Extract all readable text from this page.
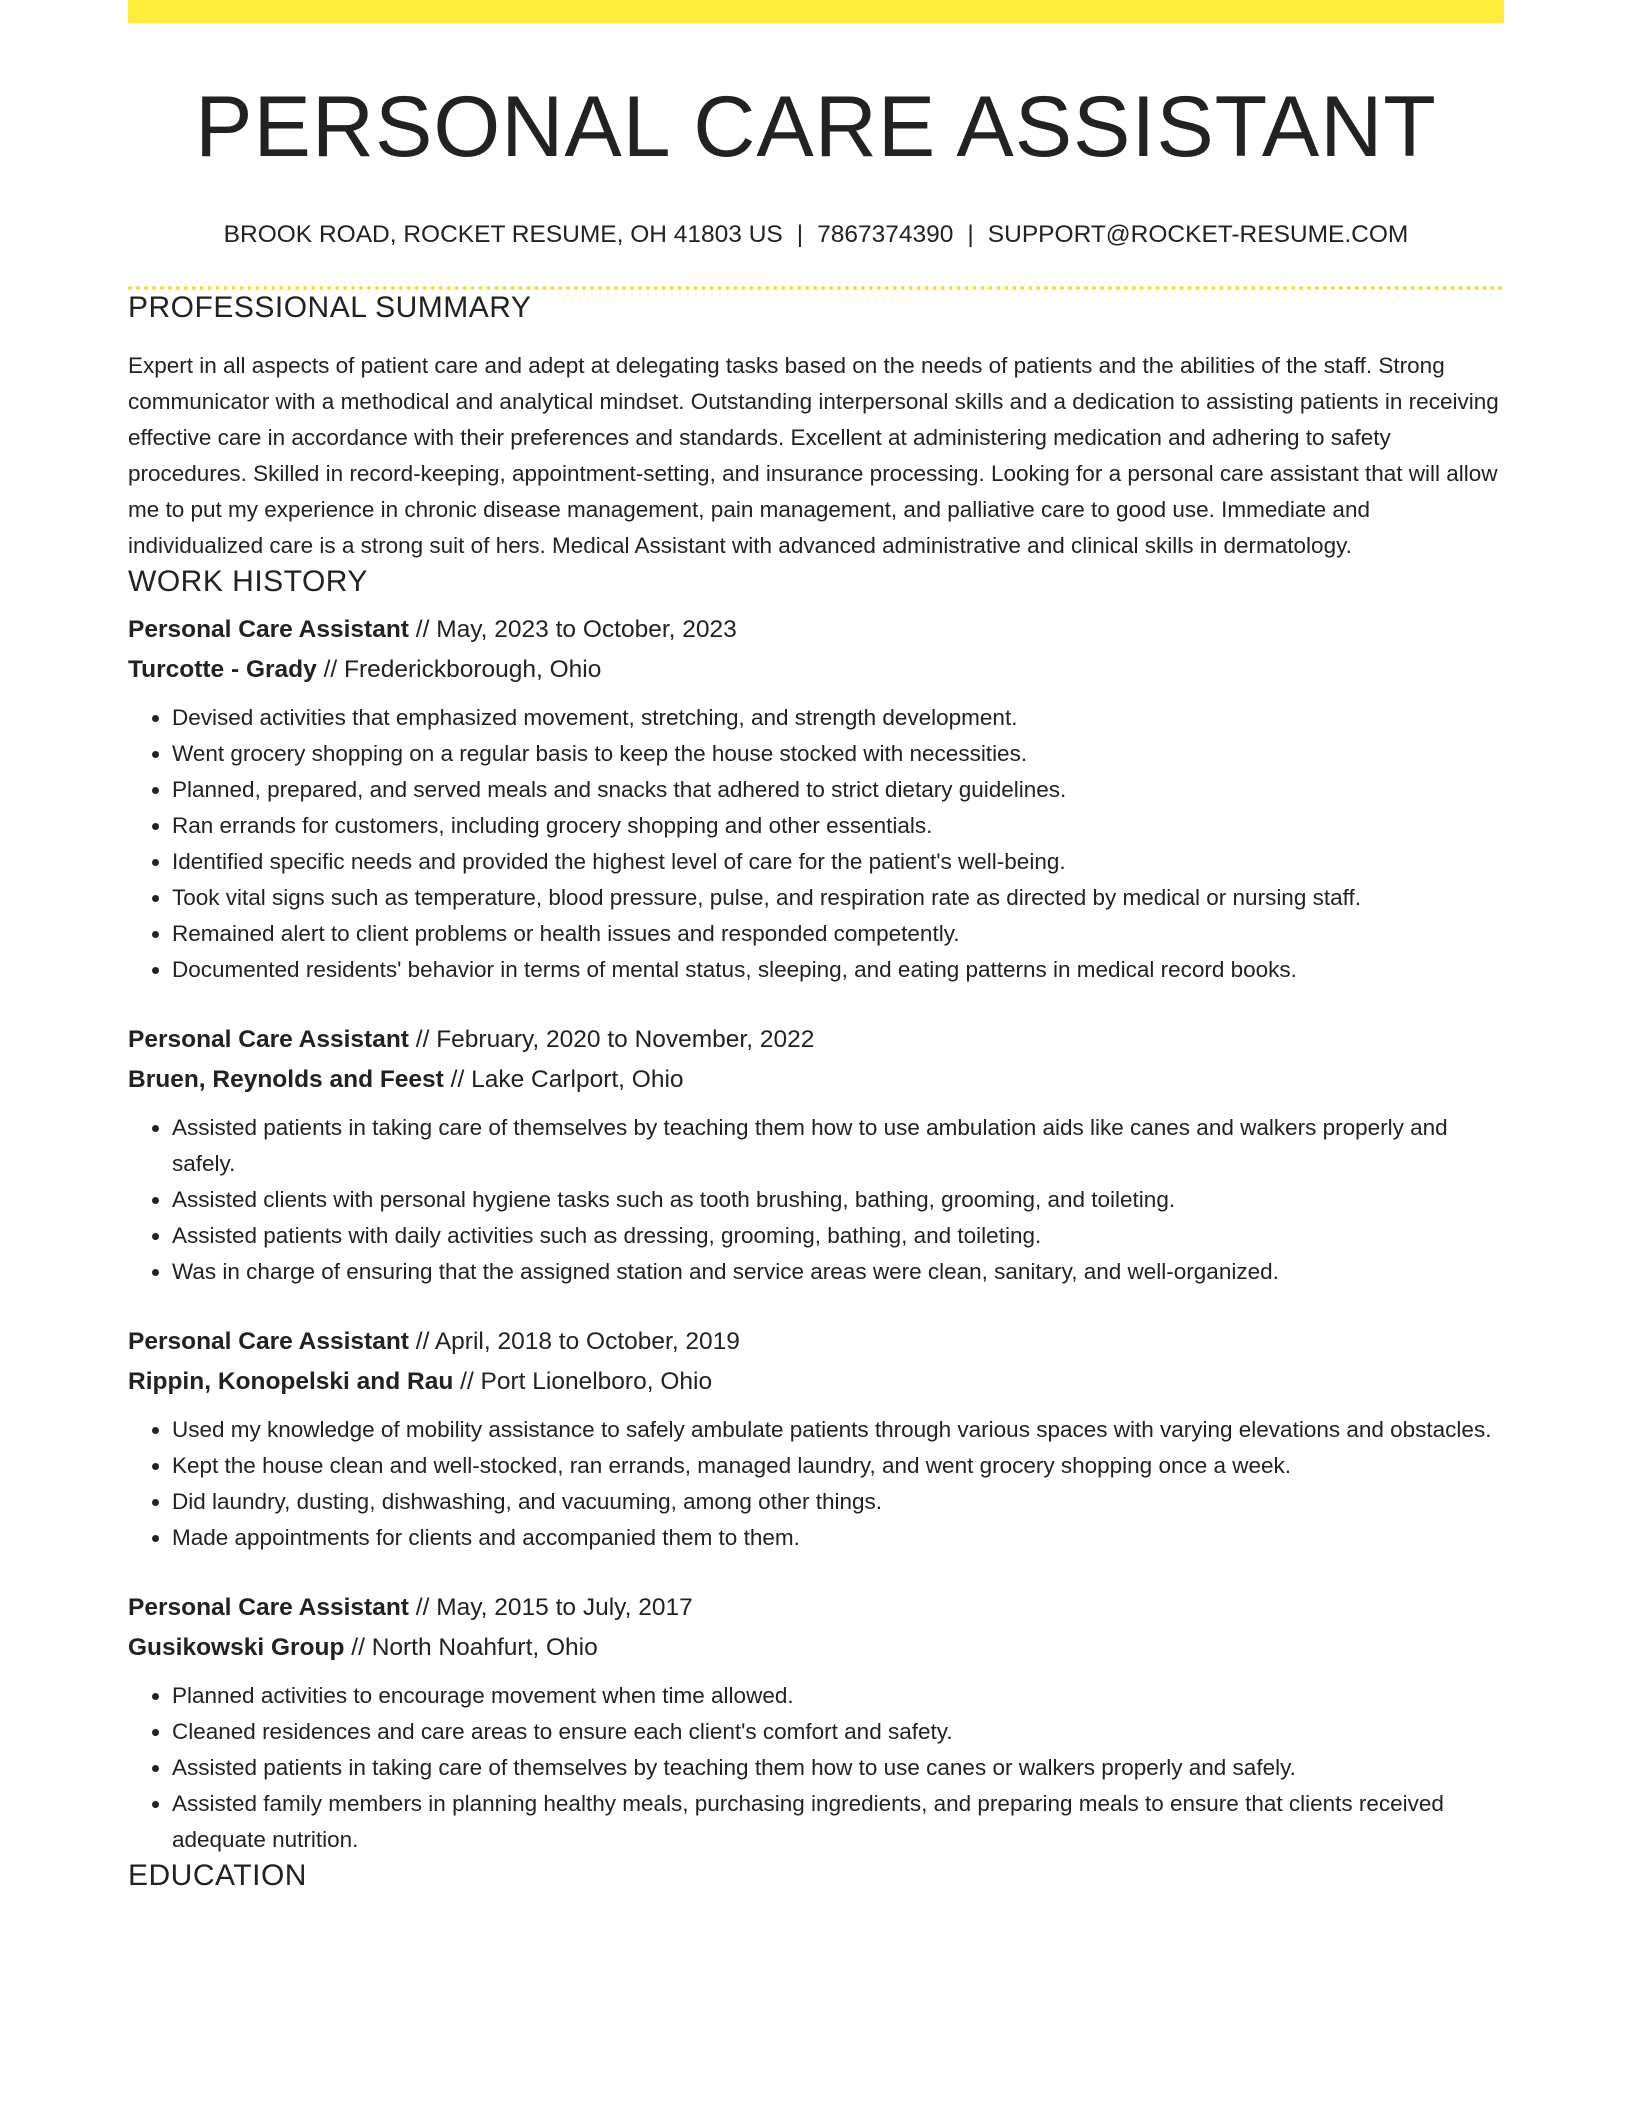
PERSONAL CARE ASSISTANT
BROOK ROAD, ROCKET RESUME, OH 41803 US | 7867374390 | SUPPORT@ROCKET-RESUME.COM
PROFESSIONAL SUMMARY

Expert in all aspects of patient care and adept at delegating tasks based on the needs of patients and the abilities of the staff. Strong communicator with a methodical and analytical mindset. Outstanding interpersonal skills and a dedication to assisting patients in receiving effective care in accordance with their preferences and standards. Excellent at administering medication and adhering to safety procedures. Skilled in record-keeping, appointment-setting, and insurance processing. Looking for a personal care assistant that will allow me to put my experience in chronic disease management, pain management, and palliative care to good use. Immediate and individualized care is a strong suit of hers. Medical Assistant with advanced administrative and clinical skills in dermatology.

WORK HISTORY
Personal Care Assistant // May, 2023 to October, 2023
Turcotte - Grady // Frederickborough, Ohio
• Devised activities that emphasized movement, stretching, and strength development.
• Went grocery shopping on a regular basis to keep the house stocked with necessities.
• Planned, prepared, and served meals and snacks that adhered to strict dietary guidelines.
• Ran errands for customers, including grocery shopping and other essentials.
• Identified specific needs and provided the highest level of care for the patient's well-being.
• Took vital signs such as temperature, blood pressure, pulse, and respiration rate as directed by medical or nursing staff.
• Remained alert to client problems or health issues and responded competently.
• Documented residents' behavior in terms of mental status, sleeping, and eating patterns in medical record books.
Personal Care Assistant // February, 2020 to November, 2022
Bruen, Reynolds and Feest // Lake Carlport, Ohio
• Assisted patients in taking care of themselves by teaching them how to use ambulation aids like canes and walkers properly and safely.
• Assisted clients with personal hygiene tasks such as tooth brushing, bathing, grooming, and toileting.
• Assisted patients with daily activities such as dressing, grooming, bathing, and toileting.
• Was in charge of ensuring that the assigned station and service areas were clean, sanitary, and well-organized.
Personal Care Assistant // April, 2018 to October, 2019
Rippin, Konopelski and Rau // Port Lionelboro, Ohio
• Used my knowledge of mobility assistance to safely ambulate patients through various spaces with varying elevations and obstacles.
• Kept the house clean and well-stocked, ran errands, managed laundry, and went grocery shopping once a week.
• Did laundry, dusting, dishwashing, and vacuuming, among other things.
• Made appointments for clients and accompanied them to them.
Personal Care Assistant // May, 2015 to July, 2017
Gusikowski Group // North Noahfurt, Ohio
• Planned activities to encourage movement when time allowed.
• Cleaned residences and care areas to ensure each client's comfort and safety.
• Assisted patients in taking care of themselves by teaching them how to use canes or walkers properly and safely.
• Assisted family members in planning healthy meals, purchasing ingredients, and preparing meals to ensure that clients received adequate nutrition.
EDUCATION
